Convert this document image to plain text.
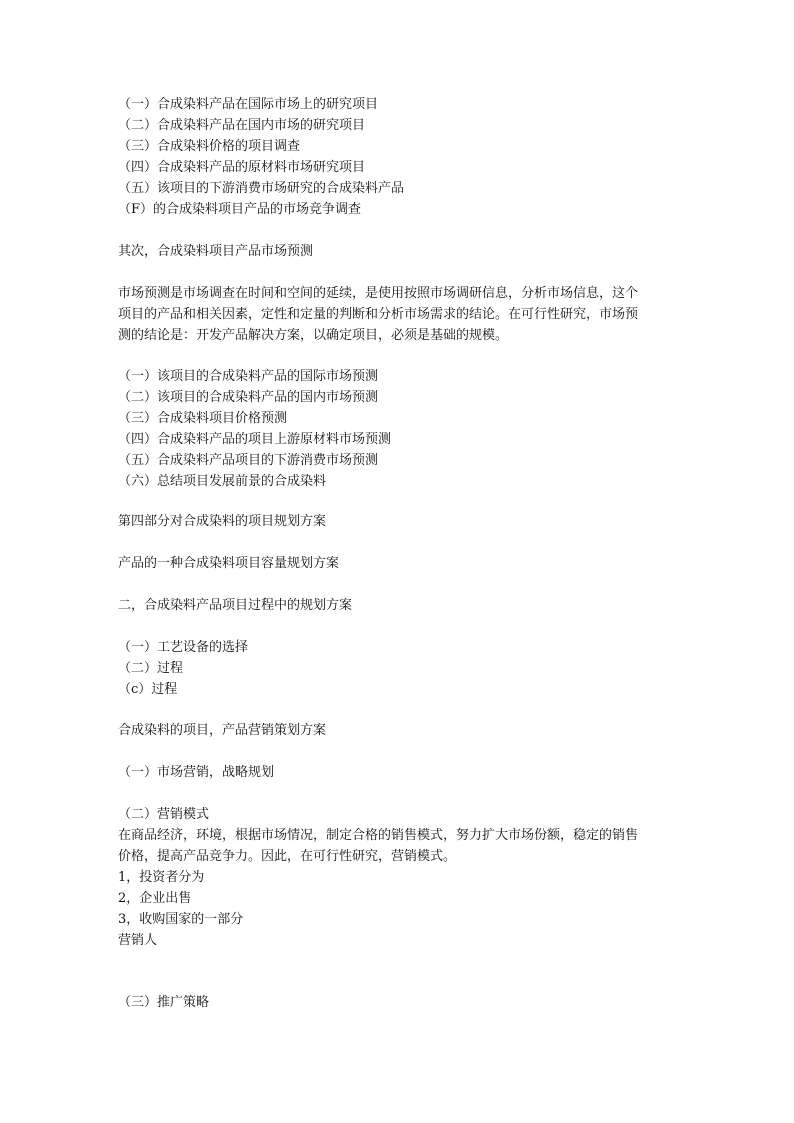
（一）合成染料产品在国际市场上的研究项目
（二）合成染料产品在国内市场的研究项目
（三）合成染料价格的项目调查
（四）合成染料产品的原材料市场研究项目
（五）该项目的下游消费市场研究的合成染料产品
（F）的合成染料项目产品的市场竞争调查
其次，合成染料项目产品市场预测
市场预测是市场调查在时间和空间的延续，是使用按照市场调研信息，分析市场信息，这个
项目的产品和相关因素，定性和定量的判断和分析市场需求的结论。在可行性研究，市场预
测的结论是：开发产品解决方案，以确定项目，必须是基础的规模。
（一）该项目的合成染料产品的国际市场预测
（二）该项目的合成染料产品的国内市场预测
（三）合成染料项目价格预测
（四）合成染料产品的项目上游原材料市场预测
（五）合成染料产品项目的下游消费市场预测
（六）总结项目发展前景的合成染料
第四部分对合成染料的项目规划方案
产品的一种合成染料项目容量规划方案
二，合成染料产品项目过程中的规划方案
（一）工艺设备的选择
（二）过程
（c）过程
合成染料的项目，产品营销策划方案
（一）市场营销，战略规划
（二）营销模式
在商品经济，环境，根据市场情况，制定合格的销售模式，努力扩大市场份额，稳定的销售
价格，提高产品竞争力。因此，在可行性研究，营销模式。
1，投资者分为
2，企业出售
3，收购国家的一部分
营销人
（三）推广策略
